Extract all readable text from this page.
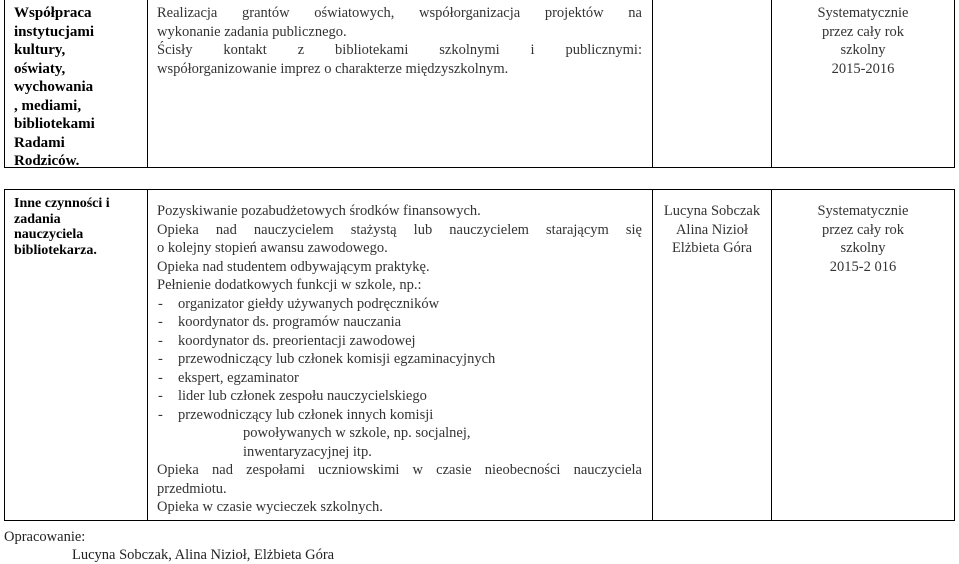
Współpraca
instytucjami
kultury,
oświaty,
wychowania
, mediami,
bibliotekami
Radami
Rodziców.
Realizacja grantów oświatowych, współorganizacja projektów na
wykonanie zadania publicznego.
Ścisły kontakt z bibliotekami szkolnymi i publicznymi:
współorganizowanie imprez o charakterze międzyszkolnym.
Systematycznie
przez cały rok
szkolny
2015-2016
Inne czynności i
zadania
nauczyciela
bibliotekarza.
Pozyskiwanie pozabudżetowych środków finansowych.
Opieka nad nauczycielem stażystą lub nauczycielem starającym się
o kolejny stopień awansu zawodowego.
Opieka nad studentem odbywającym praktykę.
Pełnienie dodatkowych funkcji w szkole, np.:
- organizator giełdy używanych podręczników
- koordynator ds. programów nauczania
- koordynator ds. preorientacji zawodowej
- przewodniczący lub członek komisji egzaminacyjnych
- ekspert, egzaminator
- lider lub członek zespołu nauczycielskiego
- przewodniczący lub członek innych komisji
powoływanych w szkole, np. socjalnej,
inwentaryzacyjnej itp.
Opieka nad zespołami uczniowskimi w czasie nieobecności nauczyciela
przedmiotu.
Opieka w czasie wycieczek szkolnych.
Lucyna Sobczak
Alina Nizioł
Elżbieta Góra
Systematycznie
przez cały rok
szkolny
2015-2 016
Opracowanie:
Lucyna Sobczak, Alina Nizioł, Elżbieta Góra
